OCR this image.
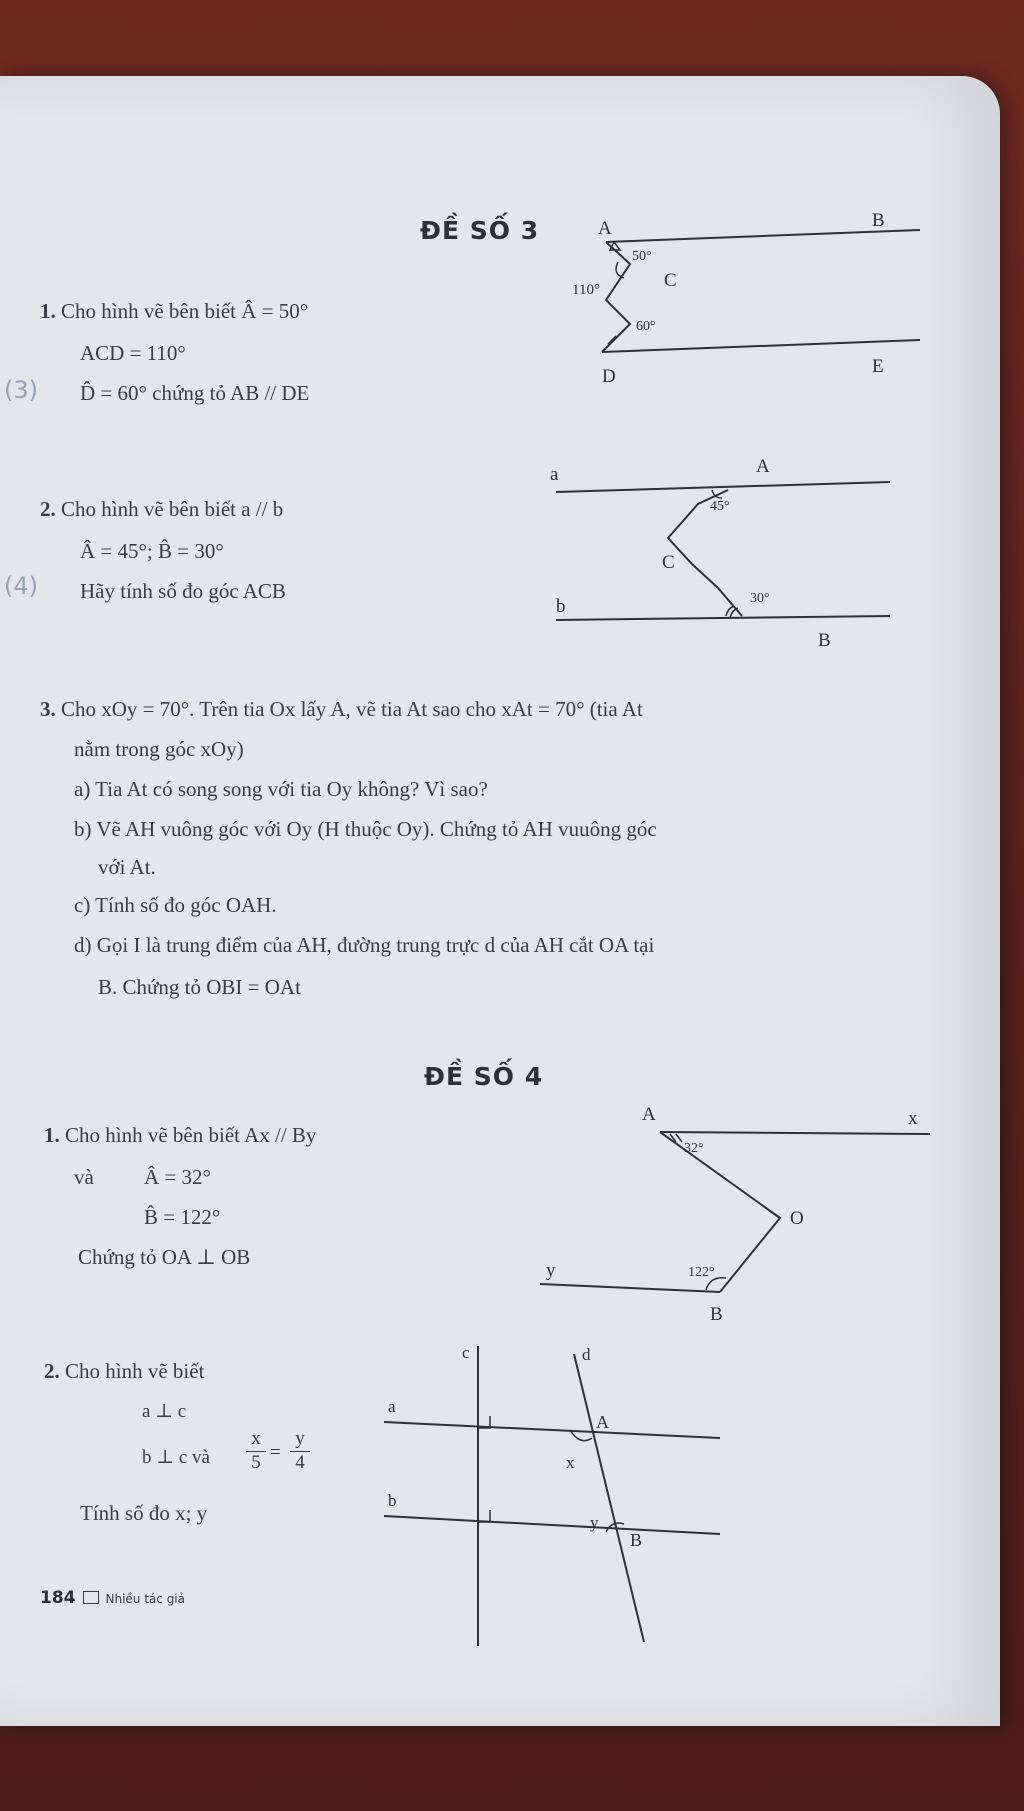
ĐỀ SỐ 3
1. Cho hình vẽ bên biết Â = 50°
ACD = 110°
D̂ = 60° chứng tỏ AB // DE
(3)
A	B
C
D	E
50°
110°
60°
2. Cho hình vẽ bên biết a // b
Â = 45°; B̂ = 30°
Hãy tính số đo góc ACB
(4)
a	A
C
b
B
45°
30°
3. Cho xOy = 70°. Trên tia Ox lấy A, vẽ tia At sao cho xAt = 70° (tia At
nằm trong góc xOy)
a) Tia At có song song với tia Oy không? Vì sao?
b) Vẽ AH vuông góc với Oy (H thuộc Oy). Chứng tỏ AH vuuông góc
với At.
c) Tính số đo góc OAH.
d) Gọi I là trung điểm của AH, đường trung trực d của AH cắt OA tại
B. Chứng tỏ OBI = OAt
ĐỀ SỐ 4
1. Cho hình vẽ bên biết Ax // By
và Â = 32°
B̂ = 122°
Chứng tỏ OA ⊥ OB
A	x
O
y
B
32°
122°
2. Cho hình vẽ biết
a ⊥ c
b ⊥ c và $\frac{x}{5} = \frac{y}{4}$
Tính số đo x; y
c	d
a
b
A
B
x
y
184	Nhiều tác giả
